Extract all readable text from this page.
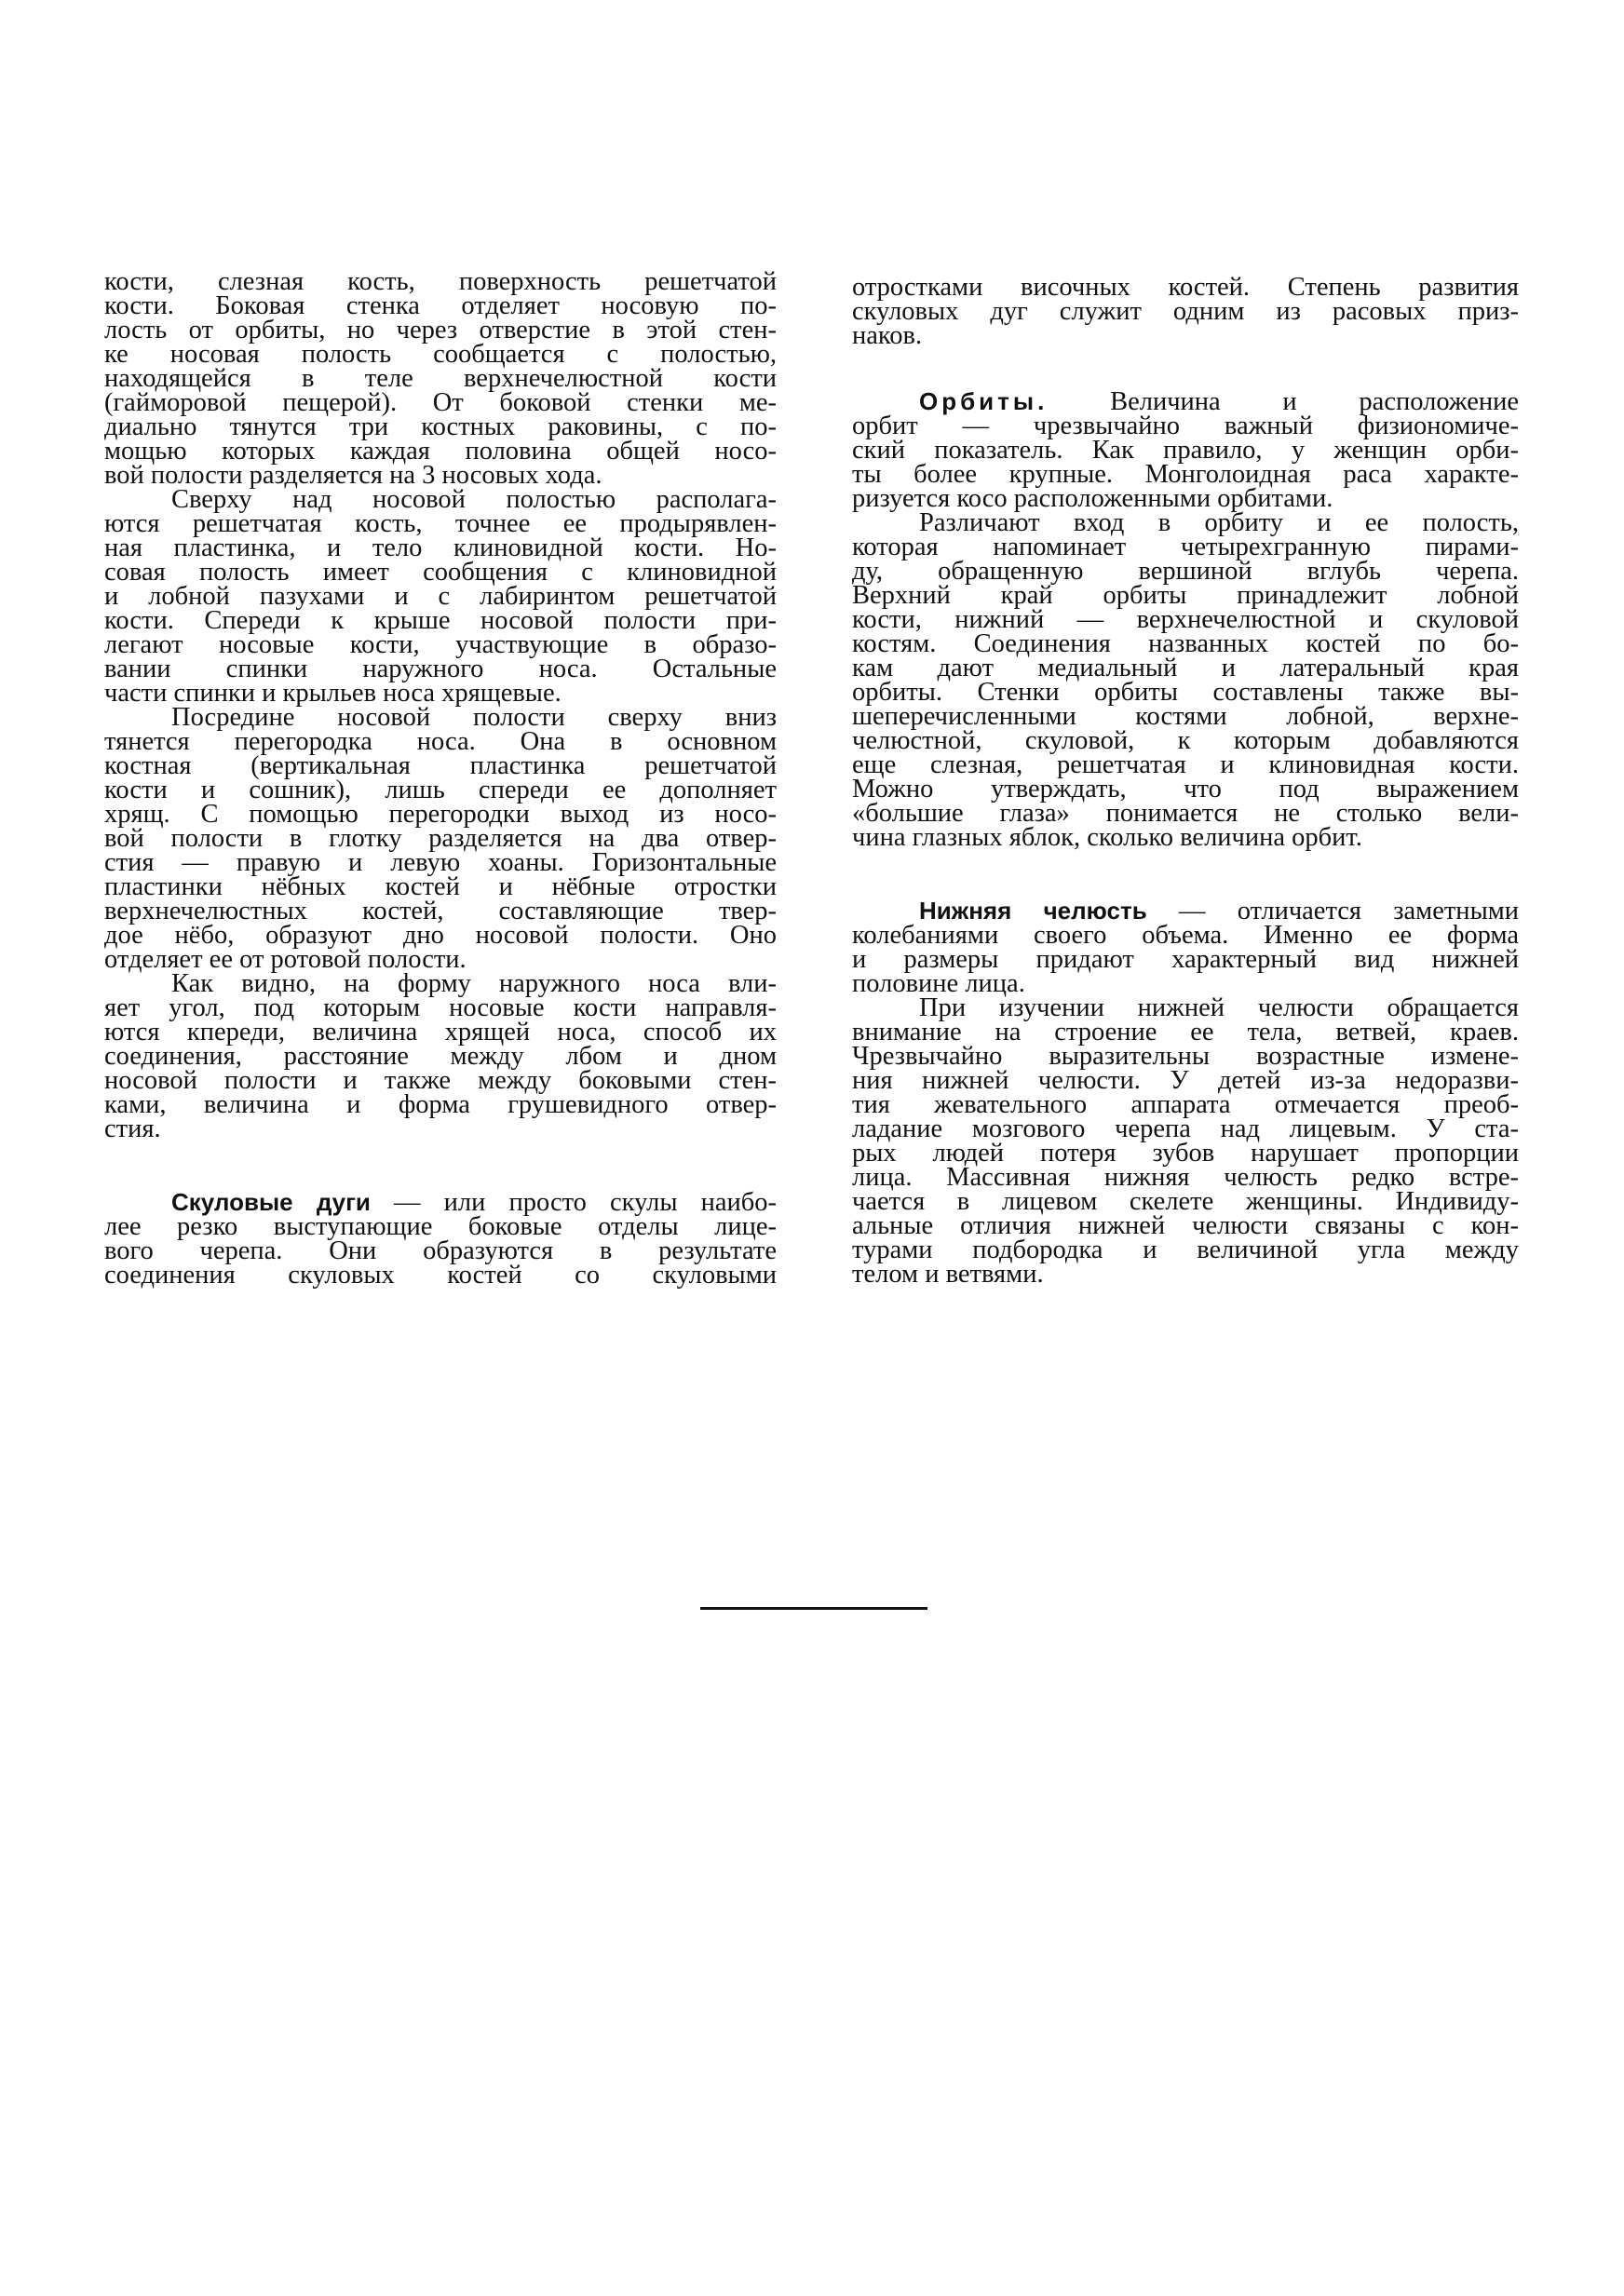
кости, слезная кость, поверхность решетчатой
кости. Боковая стенка отделяет носовую по-
лость от орбиты, но через отверстие в этой стен-
ке носовая полость сообщается с полостью,
находящейся в теле верхнечелюстной кости
(гайморовой пещерой). От боковой стенки ме-
диально тянутся три костных раковины, с по-
мощью которых каждая половина общей носо-
вой полости разделяется на 3 носовых хода.
Сверху над носовой полостью располага-
ются решетчатая кость, точнее ее продырявлен-
ная пластинка, и тело клиновидной кости. Но-
совая полость имеет сообщения с клиновидной
и лобной пазухами и с лабиринтом решетчатой
кости. Спереди к крыше носовой полости при-
легают носовые кости, участвующие в образо-
вании спинки наружного носа. Остальные
части спинки и крыльев носа хрящевые.
Посредине носовой полости сверху вниз
тянется перегородка носа. Она в основном
костная (вертикальная пластинка решетчатой
кости и сошник), лишь спереди ее дополняет
хрящ. С помощью перегородки выход из носо-
вой полости в глотку разделяется на два отвер-
стия — правую и левую хоаны. Горизонтальные
пластинки нёбных костей и нёбные отростки
верхнечелюстных костей, составляющие твер-
дое нёбо, образуют дно носовой полости. Оно
отделяет ее от ротовой полости.
Как видно, на форму наружного носа вли-
яет угол, под которым носовые кости направля-
ются кпереди, величина хрящей носа, способ их
соединения, расстояние между лбом и дном
носовой полости и также между боковыми стен-
ками, величина и форма грушевидного отвер-
стия.
Скуловые дуги — или просто скулы наибо-
лее резко выступающие боковые отделы лице-
вого черепа. Они образуются в результате
соединения скуловых костей со скуловыми
отростками височных костей. Степень развития
скуловых дуг служит одним из расовых приз-
наков.
Орбиты. Величина и расположение
орбит — чрезвычайно важный физиономиче-
ский показатель. Как правило, у женщин орби-
ты более крупные. Монголоидная раса характе-
ризуется косо расположенными орбитами.
Различают вход в орбиту и ее полость,
которая напоминает четырехгранную пирами-
ду, обращенную вершиной вглубь черепа.
Верхний край орбиты принадлежит лобной
кости, нижний — верхнечелюстной и скуловой
костям. Соединения названных костей по бо-
кам дают медиальный и латеральный края
орбиты. Стенки орбиты составлены также вы-
шеперечисленными костями лобной, верхне-
челюстной, скуловой, к которым добавляются
еще слезная, решетчатая и клиновидная кости.
Можно утверждать, что под выражением
«большие глаза» понимается не столько вели-
чина глазных яблок, сколько величина орбит.
Нижняя челюсть — отличается заметными
колебаниями своего объема. Именно ее форма
и размеры придают характерный вид нижней
половине лица.
При изучении нижней челюсти обращается
внимание на строение ее тела, ветвей, краев.
Чрезвычайно выразительны возрастные измене-
ния нижней челюсти. У детей из-за недоразви-
тия жевательного аппарата отмечается преоб-
ладание мозгового черепа над лицевым. У ста-
рых людей потеря зубов нарушает пропорции
лица. Массивная нижняя челюсть редко встре-
чается в лицевом скелете женщины. Индивиду-
альные отличия нижней челюсти связаны с кон-
турами подбородка и величиной угла между
телом и ветвями.
